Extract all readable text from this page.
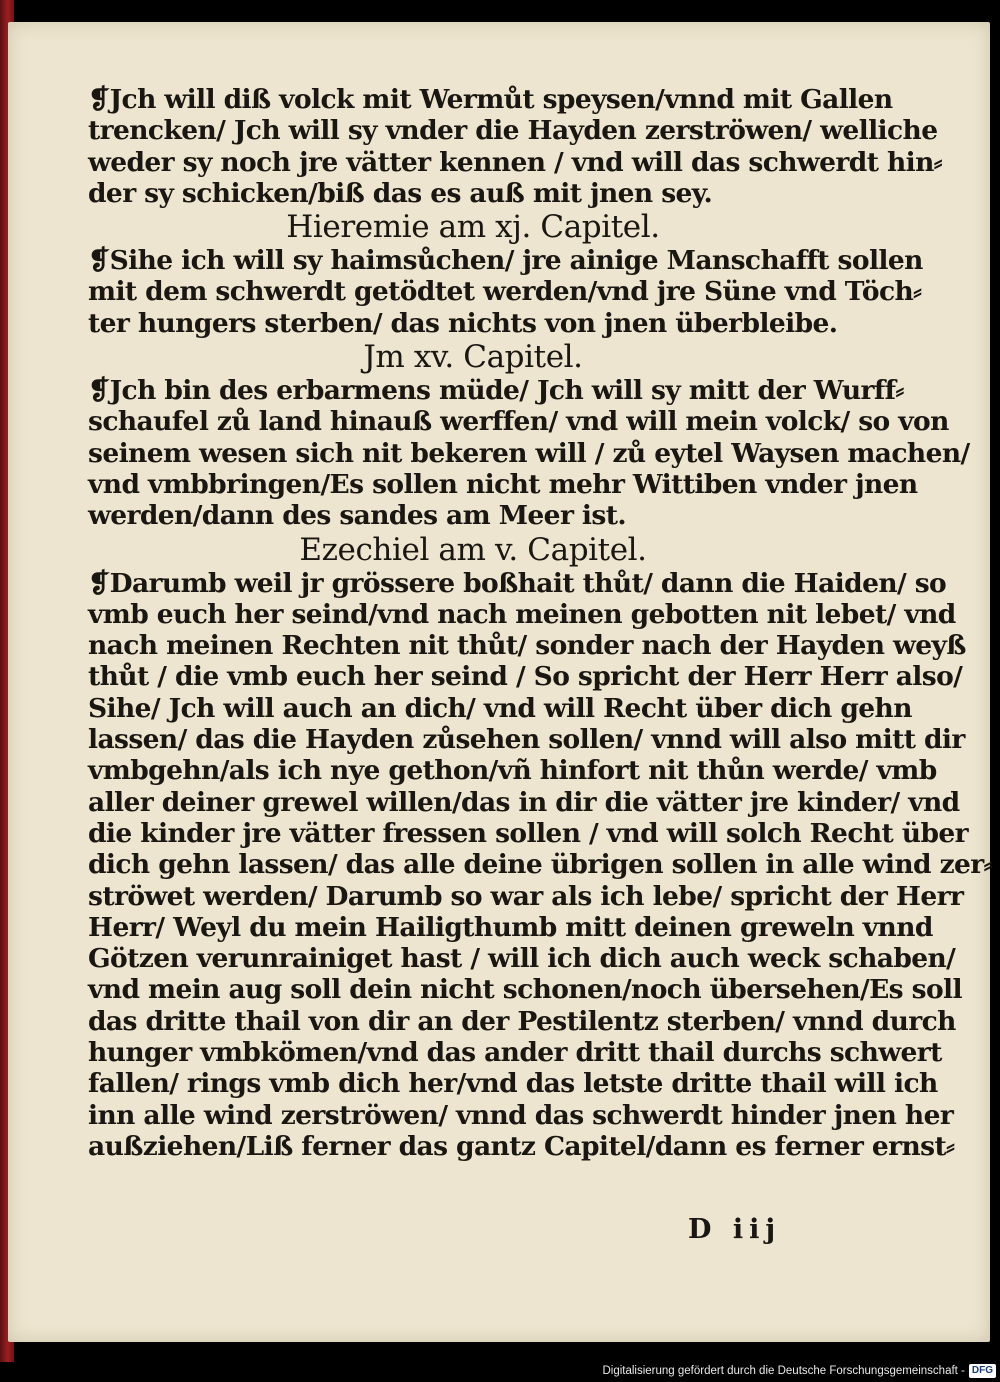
❡Jch will diß volck mit Wermůt speysen/vnnd mit Gallen
trencken/ Jch will sy vnder die Hayden zerströwen/ welliche
weder sy noch jre vätter kennen / vnd will das schwerdt hin⸗
der sy schicken/biß das es auß mit jnen sey.
Hieremie am xj. Capitel.
❡Sihe ich will sy haimsůchen/ jre ainige Manschafft sollen
mit dem schwerdt getödtet werden/vnd jre Süne vnd Töch⸗
ter hungers sterben/ das nichts von jnen überbleibe.
Jm xv. Capitel.
❡Jch bin des erbarmens müde/ Jch will sy mitt der Wurff⸗
schaufel zů land hinauß werffen/ vnd will mein volck/ so von
seinem wesen sich nit bekeren will / zů eytel Waysen machen/
vnd vmbbringen/Es sollen nicht mehr Wittiben vnder jnen
werden/dann des sandes am Meer ist.
Ezechiel am v. Capitel.
❡Darumb weil jr grössere boßhait thůt/ dann die Haiden/ so
vmb euch her seind/vnd nach meinen gebotten nit lebet/ vnd
nach meinen Rechten nit thůt/ sonder nach der Hayden weyß
thůt / die vmb euch her seind / So spricht der Herr Herr also/
Sihe/ Jch will auch an dich/ vnd will Recht über dich gehn
lassen/ das die Hayden zůsehen sollen/ vnnd will also mitt dir
vmbgehn/als ich nye gethon/vñ hinfort nit thůn werde/ vmb
aller deiner grewel willen/das in dir die vätter jre kinder/ vnd
die kinder jre vätter fressen sollen / vnd will solch Recht über
dich gehn lassen/ das alle deine übrigen sollen in alle wind zer⸗
ströwet werden/ Darumb so war als ich lebe/ spricht der Herr
Herr/ Weyl du mein Hailigthumb mitt deinen greweln vnnd
Götzen verunrainiget hast / will ich dich auch weck schaben/
vnd mein aug soll dein nicht schonen/noch übersehen/Es soll
das dritte thail von dir an der Pestilentz sterben/ vnnd durch
hunger vmbkömen/vnd das ander dritt thail durchs schwert
fallen/ rings vmb dich her/vnd das letste dritte thail will ich
inn alle wind zerströwen/ vnnd das schwerdt hinder jnen her
außziehen/Liß ferner das gantz Capitel/dann es ferner ernst⸗
D iij
Digitalisierung gefördert durch die Deutsche Forschungsgemeinschaft - DFG
